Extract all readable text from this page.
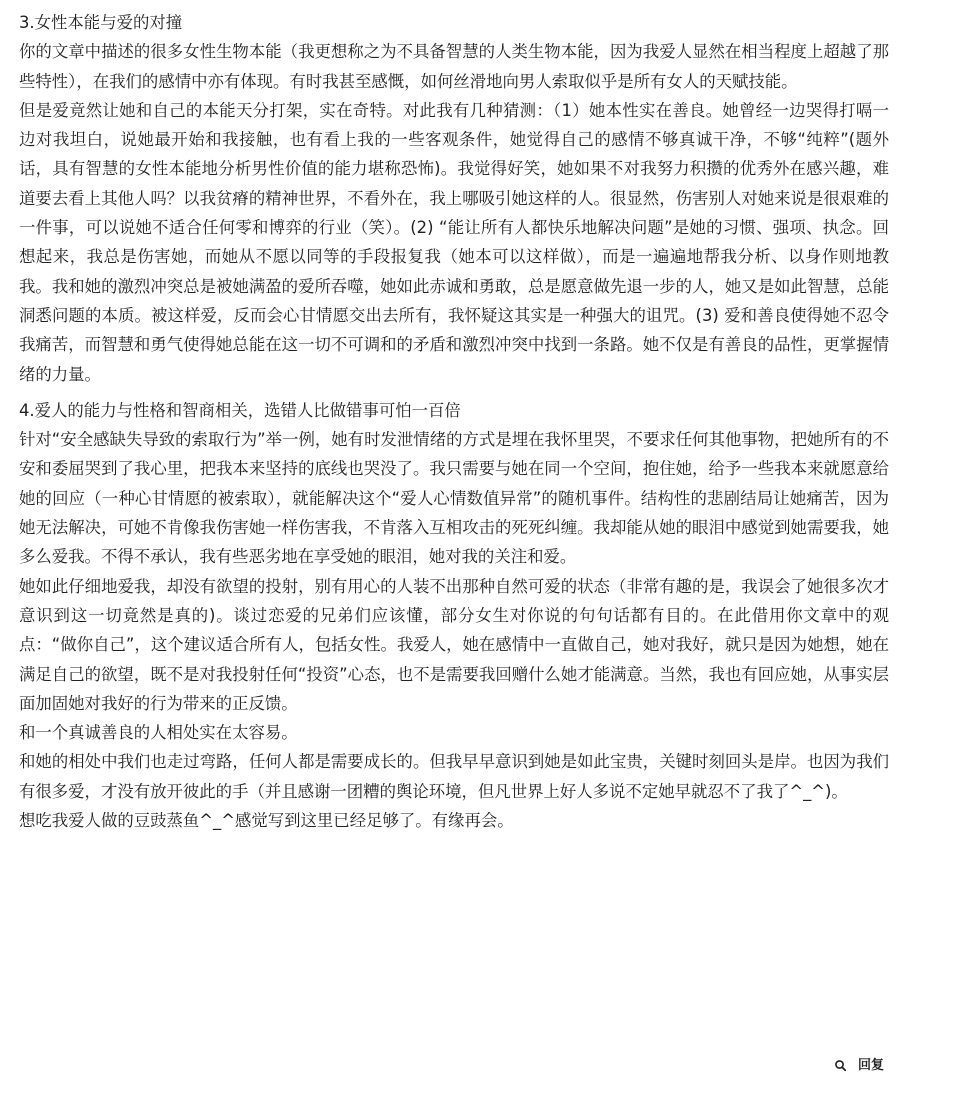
3.女性本能与爱的对撞

你的文章中描述的很多女性生物本能（我更想称之为不具备智慧的人类生物本能，因为我爱人显然在相当程度上超越了那些特性），在我们的感情中亦有体现。有时我甚至感慨，如何丝滑地向男人索取似乎是所有女人的天赋技能。

但是爱竟然让她和自己的本能天分打架，实在奇特。对此我有几种猜测：（1）她本性实在善良。她曾经一边哭得打嗝一边对我坦白，说她最开始和我接触，也有看上我的一些客观条件，她觉得自己的感情不够真诚干净，不够“纯粹”(题外话，具有智慧的女性本能地分析男性价值的能力堪称恐怖)。我觉得好笑，她如果不对我努力积攒的优秀外在感兴趣，难道要去看上其他人吗？以我贫瘠的精神世界，不看外在，我上哪吸引她这样的人。很显然，伤害别人对她来说是很艰难的一件事，可以说她不适合任何零和博弈的行业（笑）。(2) “能让所有人都快乐地解决问题”是她的习惯、强项、执念。回想起来，我总是伤害她，而她从不愿以同等的手段报复我（她本可以这样做），而是一遍遍地帮我分析、以身作则地教我。我和她的激烈冲突总是被她满盈的爱所吞噬，她如此赤诚和勇敢，总是愿意做先退一步的人，她又是如此智慧，总能洞悉问题的本质。被这样爱，反而会心甘情愿交出去所有，我怀疑这其实是一种强大的诅咒。(3) 爱和善良使得她不忍令我痛苦，而智慧和勇气使得她总能在这一切不可调和的矛盾和激烈冲突中找到一条路。她不仅是有善良的品性，更掌握情绪的力量。

4.爱人的能力与性格和智商相关，选错人比做错事可怕一百倍

针对“安全感缺失导致的索取行为”举一例，她有时发泄情绪的方式是埋在我怀里哭，不要求任何其他事物，把她所有的不安和委屈哭到了我心里，把我本来坚持的底线也哭没了。我只需要与她在同一个空间，抱住她，给予一些我本来就愿意给她的回应（一种心甘情愿的被索取），就能解决这个“爱人心情数值异常”的随机事件。结构性的悲剧结局让她痛苦，因为她无法解决，可她不肯像我伤害她一样伤害我，不肯落入互相攻击的死死纠缠。我却能从她的眼泪中感觉到她需要我，她多么爱我。不得不承认，我有些恶劣地在享受她的眼泪，她对我的关注和爱。

她如此仔细地爱我，却没有欲望的投射，别有用心的人装不出那种自然可爱的状态（非常有趣的是，我误会了她很多次才意识到这一切竟然是真的)。谈过恋爱的兄弟们应该懂，部分女生对你说的句句话都有目的。在此借用你文章中的观点：“做你自己”，这个建议适合所有人，包括女性。我爱人，她在感情中一直做自己，她对我好，就只是因为她想，她在满足自己的欲望，既不是对我投射任何“投资”心态，也不是需要我回赠什么她才能满意。当然，我也有回应她，从事实层面加固她对我好的行为带来的正反馈。

和一个真诚善良的人相处实在太容易。

和她的相处中我们也走过弯路，任何人都是需要成长的。但我早早意识到她是如此宝贵，关键时刻回头是岸。也因为我们有很多爱，才没有放开彼此的手（并且感谢一团糟的舆论环境，但凡世界上好人多说不定她早就忍不了我了^_^)。

想吃我爱人做的豆豉蒸鱼^_^感觉写到这里已经足够了。有缘再会。

回复
